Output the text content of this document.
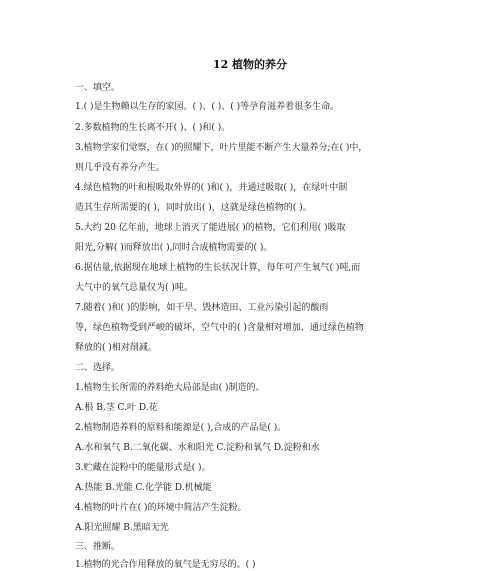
12 植物的养分
一、填空。
1.( )是生物赖以生存的家园。( )、( )、( )等孕育滋养着很多生命。
2.多数植物的生长离不开( )、( )和( )。
3.植物学家们觉察，在( )的照耀下，叶片里能不断产生大量养分;在( )中，
则几乎没有养分产生。
4.绿色植物的叶和根吸取外界的( )和( )，并通过吸取( )，在绿叶中制
造其生存所需要的( )，同时放出( )，这就是绿色植物的( )。
5.大约 20 亿年前，地球上消灭了能进展( )的植物，它们利用( )吸取
阳光,分解( )而释放出( ),同时合成植物需要的( )。
6.据估量,依据现在地球上植物的生长状况计算，每年可产生氧气( )吨,而
大气中的氧气总量仅为( )吨。
7.随着( )和( )的影响，如干旱、毁林造田、工业污染引起的酸雨
等，绿色植物受到严峻的破坏，空气中的( )含量相对增加，通过绿色植物
释放的( )相对削减。
二、选择。
1.植物生长所需的养料绝大局部是由( )制造的。
A.根 B.茎 C.叶 D.花
2.植物制造养料的原料和能源是( ),合成的产品是( )。
A.水和氧气 B.二氧化碳、水和阳光 C.淀粉和氧气 D.淀粉和水
3.贮藏在淀粉中的能量形式是( )。
A.热能 B.光能 C.化学能 D.机械能
4.植物的叶片在( )的环境中简洁产生淀粉。
A.阳光照耀 B.黑暗无光
三、推断。
1.植物的光合作用释放的氧气是无穷尽的。( )
